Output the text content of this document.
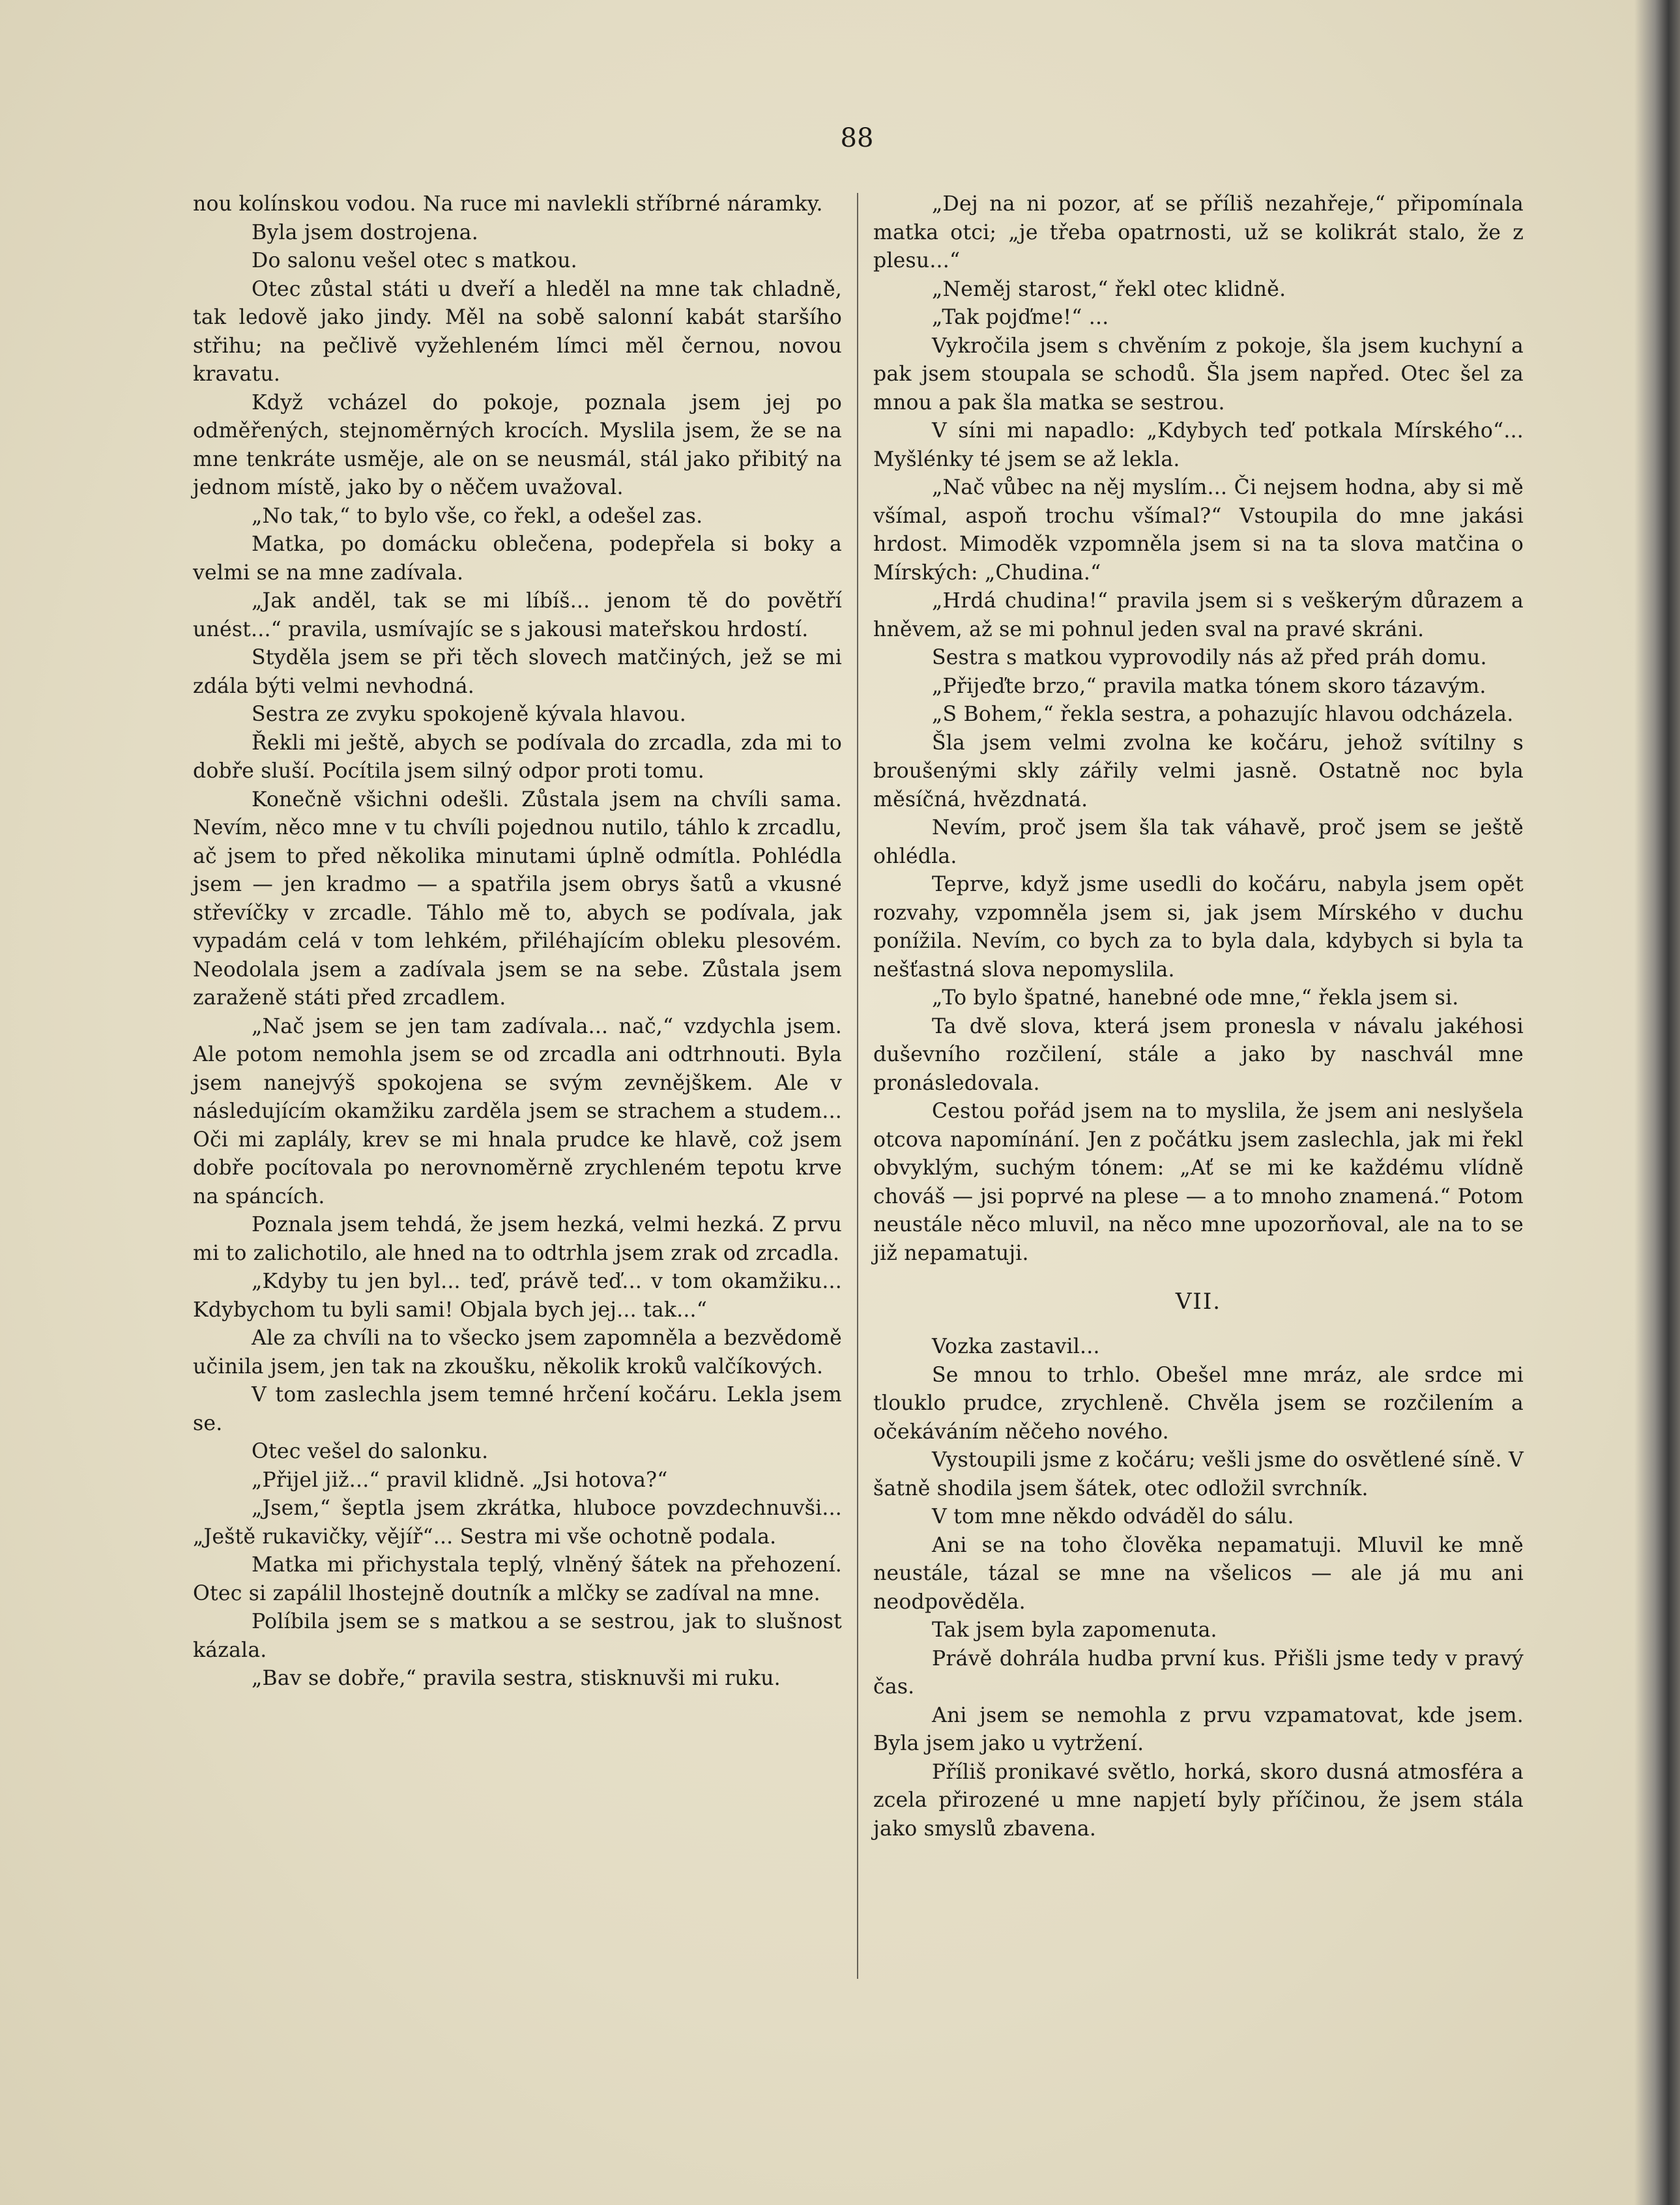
88

nou kolínskou vodou. Na ruce mi navlekli stříbrné náramky.

Byla jsem dostrojena.

Do salonu vešel otec s matkou.

Otec zůstal státi u dveří a hleděl na mne tak chladně, tak ledově jako jindy. Měl na sobě salonní kabát staršího střihu; na pečlivě vyžehleném límci měl černou, novou kravatu.

Když vcházel do pokoje, poznala jsem jej po odměřených, stejnoměrných krocích. Myslila jsem, že se na mne tenkráte usměje, ale on se neusmál, stál jako přibitý na jednom místě, jako by o něčem uvažoval.

„No tak,“ to bylo vše, co řekl, a odešel zas.

Matka, po domácku oblečena, podepřela si boky a velmi se na mne zadívala.

„Jak anděl, tak se mi líbíš... jenom tě do povětří unést...“ pravila, usmívajíc se s jakousi mateřskou hrdostí.

Styděla jsem se při těch slovech matčiných, jež se mi zdála býti velmi nevhodná.

Sestra ze zvyku spokojeně kývala hlavou.

Řekli mi ještě, abych se podívala do zrcadla, zda mi to dobře sluší. Pocítila jsem silný odpor proti tomu.

Konečně všichni odešli. Zůstala jsem na chvíli sama. Nevím, něco mne v tu chvíli pojednou nutilo, táhlo k zrcadlu, ač jsem to před několika minutami úplně odmítla. Pohlédla jsem — jen kradmo — a spatřila jsem obrys šatů a vkusné střevíčky v zrcadle. Táhlo mě to, abych se podívala, jak vypadám celá v tom lehkém, přiléhajícím obleku plesovém. Neodolala jsem a zadívala jsem se na sebe. Zůstala jsem zaraženě státi před zrcadlem.

„Nač jsem se jen tam zadívala... nač,“ vzdychla jsem. Ale potom nemohla jsem se od zrcadla ani odtrhnouti. Byla jsem nanejvýš spokojena se svým zevnějškem. Ale v následujícím okamžiku zarděla jsem se strachem a studem... Oči mi zaplály, krev se mi hnala prudce ke hlavě, což jsem dobře pocítovala po nerovnoměrně zrychleném tepotu krve na spáncích.

Poznala jsem tehdá, že jsem hezká, velmi hezká. Z prvu mi to zalichotilo, ale hned na to odtrhla jsem zrak od zrcadla.

„Kdyby tu jen byl... teď, právě teď... v tom okamžiku... Kdybychom tu byli sami! Objala bych jej... tak...“

Ale za chvíli na to všecko jsem zapomněla a bezvědomě učinila jsem, jen tak na zkoušku, několik kroků valčíkových.

V tom zaslechla jsem temné hrčení kočáru. Lekla jsem se.

Otec vešel do salonku.

„Přijel již...“ pravil klidně. „Jsi hotova?“

„Jsem,“ šeptla jsem zkrátka, hluboce povzdechnuvši... „Ještě rukavičky, vějíř“... Sestra mi vše ochotně podala.

Matka mi přichystala teplý, vlněný šátek na přehození. Otec si zapálil lhostejně doutník a mlčky se zadíval na mne.

Políbila jsem se s matkou a se sestrou, jak to slušnost kázala.

„Bav se dobře,“ pravila sestra, stisknuvši mi ruku.

„Dej na ni pozor, ať se příliš nezahřeje,“ připomínala matka otci; „je třeba opatrnosti, už se kolikrát stalo, že z plesu...“

„Neměj starost,“ řekl otec klidně.

„Tak pojďme!“ ...

Vykročila jsem s chvěním z pokoje, šla jsem kuchyní a pak jsem stoupala se schodů. Šla jsem napřed. Otec šel za mnou a pak šla matka se sestrou.

V síni mi napadlo: „Kdybych teď potkala Mírského“... Myšlénky té jsem se až lekla.

„Nač vůbec na něj myslím... Či nejsem hodna, aby si mě všímal, aspoň trochu všímal?“ Vstoupila do mne jakási hrdost. Mimoděk vzpomněla jsem si na ta slova matčina o Mírských: „Chudina.“

„Hrdá chudina!“ pravila jsem si s veškerým důrazem a hněvem, až se mi pohnul jeden sval na pravé skráni.

Sestra s matkou vyprovodily nás až před práh domu.

„Přijeďte brzo,“ pravila matka tónem skoro tázavým.

„S Bohem,“ řekla sestra, a pohazujíc hlavou odcházela.

Šla jsem velmi zvolna ke kočáru, jehož svítilny s broušenými skly zářily velmi jasně. Ostatně noc byla měsíčná, hvězdnatá.

Nevím, proč jsem šla tak váhavě, proč jsem se ještě ohlédla.

Teprve, když jsme usedli do kočáru, nabyla jsem opět rozvahy, vzpomněla jsem si, jak jsem Mírského v duchu ponížila. Nevím, co bych za to byla dala, kdybych si byla ta nešťastná slova nepomyslila.

„To bylo špatné, hanebné ode mne,“ řekla jsem si.

Ta dvě slova, která jsem pronesla v návalu jakéhosi duševního rozčilení, stále a jako by naschvál mne pronásledovala.

Cestou pořád jsem na to myslila, že jsem ani neslyšela otcova napomínání. Jen z počátku jsem zaslechla, jak mi řekl obvyklým, suchým tónem: „Ať se mi ke každému vlídně chováš — jsi poprvé na plese — a to mnoho znamená.“ Potom neustále něco mluvil, na něco mne upozorňoval, ale na to se již nepamatuji.

VII.

Vozka zastavil...

Se mnou to trhlo. Obešel mne mráz, ale srdce mi tlouklo prudce, zrychleně. Chvěla jsem se rozčilením a očekáváním něčeho nového.

Vystoupili jsme z kočáru; vešli jsme do osvětlené síně. V šatně shodila jsem šátek, otec odložil svrchník.

V tom mne někdo odváděl do sálu.

Ani se na toho člověka nepamatuji. Mluvil ke mně neustále, tázal se mne na všelicos — ale já mu ani neodpověděla.

Tak jsem byla zapomenuta.

Právě dohrála hudba první kus. Přišli jsme tedy v pravý čas.

Ani jsem se nemohla z prvu vzpamatovat, kde jsem. Byla jsem jako u vytržení.

Příliš pronikavé světlo, horká, skoro dusná atmosféra a zcela přirozené u mne napjetí byly příčinou, že jsem stála jako smyslů zbavena.
